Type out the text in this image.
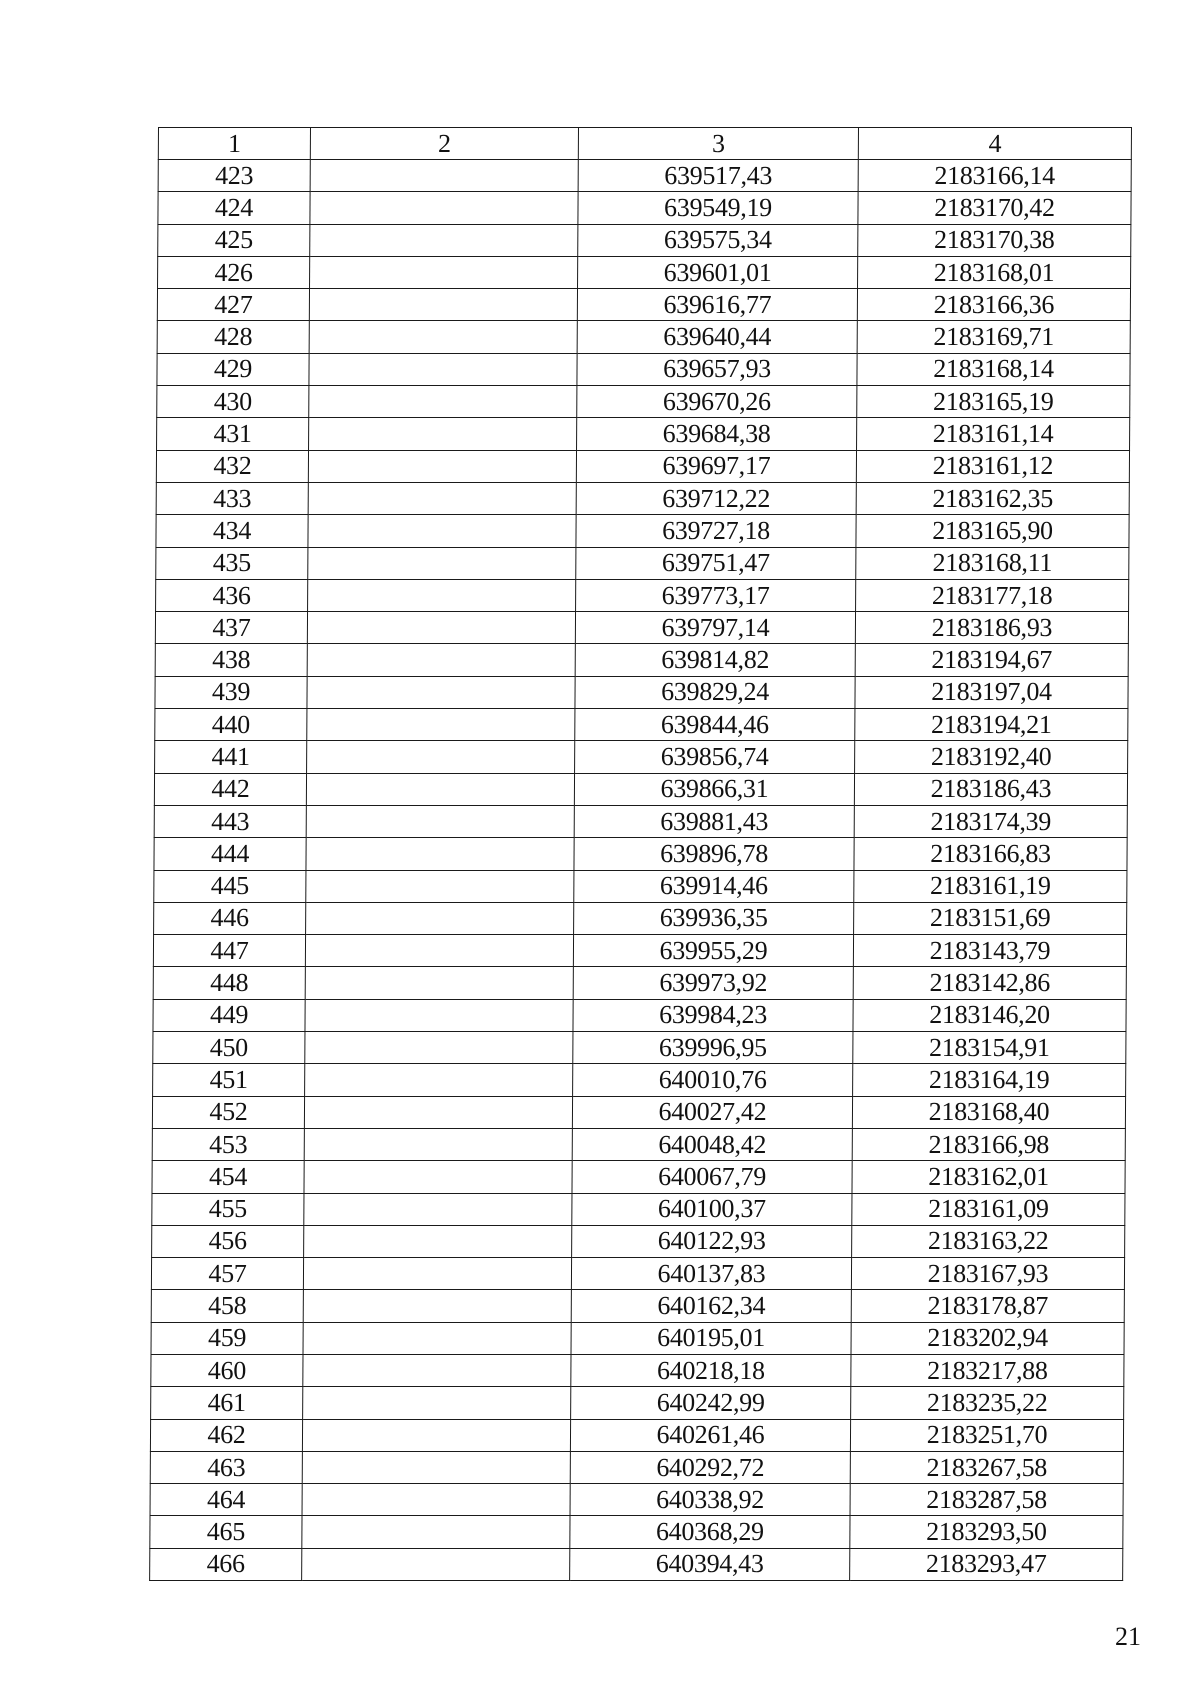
1	2	3	4
423		639517,43	2183166,14
424		639549,19	2183170,42
425		639575,34	2183170,38
426		639601,01	2183168,01
427		639616,77	2183166,36
428		639640,44	2183169,71
429		639657,93	2183168,14
430		639670,26	2183165,19
431		639684,38	2183161,14
432		639697,17	2183161,12
433		639712,22	2183162,35
434		639727,18	2183165,90
435		639751,47	2183168,11
436		639773,17	2183177,18
437		639797,14	2183186,93
438		639814,82	2183194,67
439		639829,24	2183197,04
440		639844,46	2183194,21
441		639856,74	2183192,40
442		639866,31	2183186,43
443		639881,43	2183174,39
444		639896,78	2183166,83
445		639914,46	2183161,19
446		639936,35	2183151,69
447		639955,29	2183143,79
448		639973,92	2183142,86
449		639984,23	2183146,20
450		639996,95	2183154,91
451		640010,76	2183164,19
452		640027,42	2183168,40
453		640048,42	2183166,98
454		640067,79	2183162,01
455		640100,37	2183161,09
456		640122,93	2183163,22
457		640137,83	2183167,93
458		640162,34	2183178,87
459		640195,01	2183202,94
460		640218,18	2183217,88
461		640242,99	2183235,22
462		640261,46	2183251,70
463		640292,72	2183267,58
464		640338,92	2183287,58
465		640368,29	2183293,50
466		640394,43	2183293,47
21
